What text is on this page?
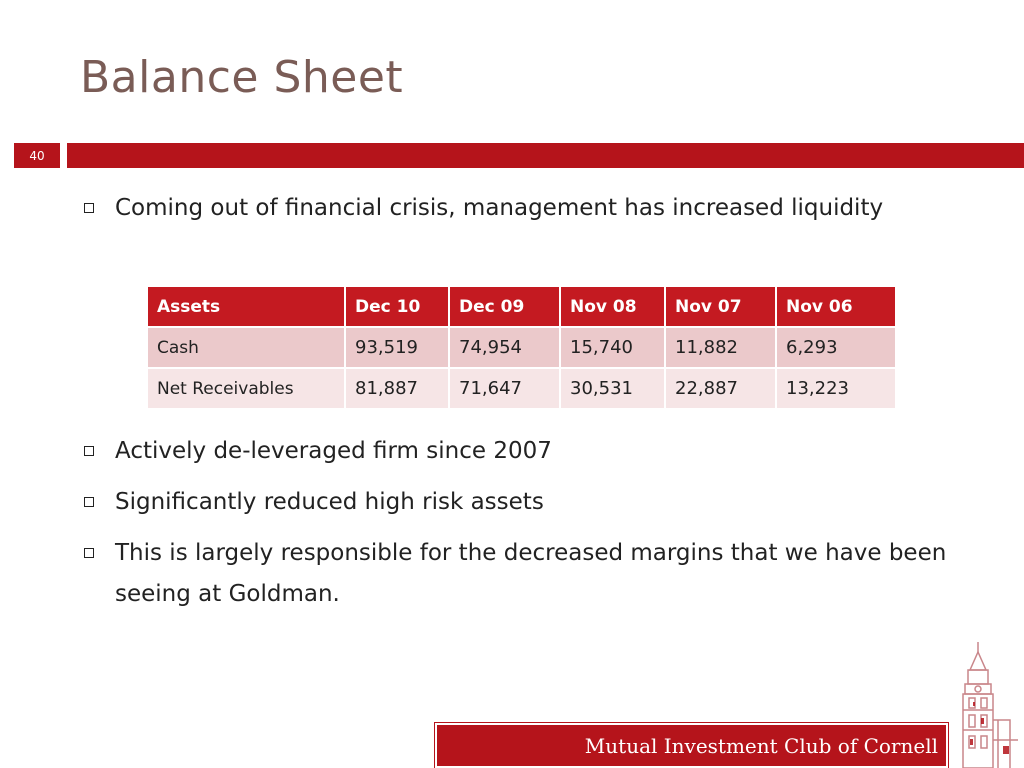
Balance Sheet
40
Coming out of financial crisis, management has increased liquidity
Assets	Dec 10	Dec 09	Nov 08	Nov 07	Nov 06
Cash	93,519	74,954	15,740	11,882	6,293
Net Receivables	81,887	71,647	30,531	22,887	13,223
Actively de-leveraged firm since 2007
Significantly reduced high risk assets
This is largely responsible for the decreased margins that we have been seeing at Goldman.
Mutual Investment Club of Cornell
